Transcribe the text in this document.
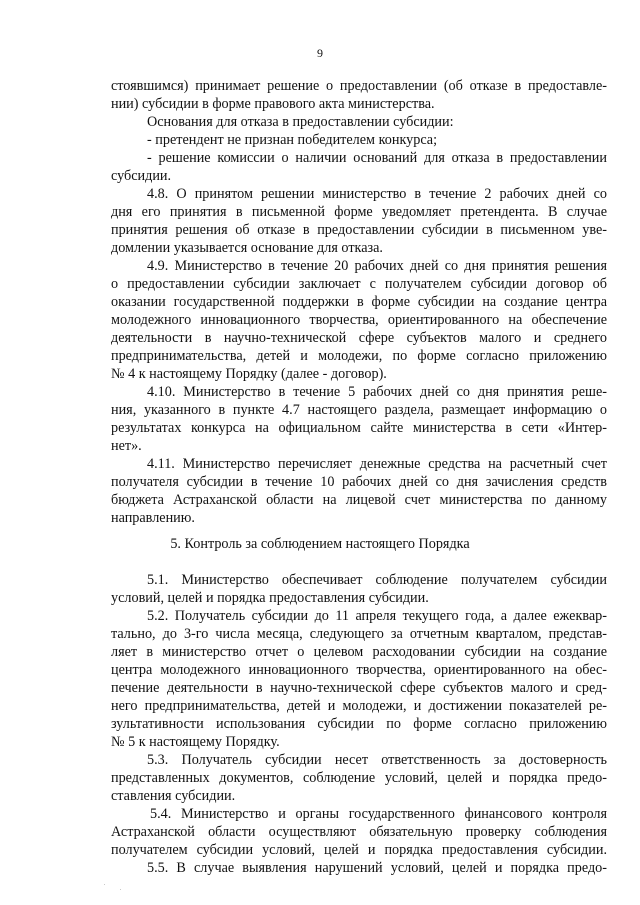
9
стоявшимся) принимает решение о предоставлении (об отказе в предоставле-
нии) субсидии в форме правового акта министерства.
Основания для отказа в предоставлении субсидии:
- претендент не признан победителем конкурса;
- решение комиссии о наличии оснований для отказа в предоставлении
субсидии.
4.8. О принятом решении министерство в течение 2 рабочих дней со
дня его принятия в письменной форме уведомляет претендента. В случае
принятия решения об отказе в предоставлении субсидии в письменном уве-
домлении указывается основание для отказа.
4.9. Министерство в течение 20 рабочих дней со дня принятия решения
о предоставлении субсидии заключает с получателем субсидии договор об
оказании государственной поддержки в форме субсидии на создание центра
молодежного инновационного творчества, ориентированного на обеспечение
деятельности в научно-технической сфере субъектов малого и среднего
предпринимательства, детей и молодежи, по форме согласно приложению
№ 4 к настоящему Порядку (далее - договор).
4.10. Министерство в течение 5 рабочих дней со дня принятия реше-
ния, указанного в пункте 4.7 настоящего раздела, размещает информацию о
результатах конкурса на официальном сайте министерства в сети «Интер-
нет».
4.11. Министерство перечисляет денежные средства на расчетный счет
получателя субсидии в течение 10 рабочих дней со дня зачисления средств
бюджета Астраханской области на лицевой счет министерства по данному
направлению.
5. Контроль за соблюдением настоящего Порядка
5.1. Министерство обеспечивает соблюдение получателем субсидии
условий, целей и порядка предоставления субсидии.
5.2. Получатель субсидии до 11 апреля текущего года, а далее ежеквар-
тально, до 3-го числа месяца, следующего за отчетным кварталом, представ-
ляет в министерство отчет о целевом расходовании субсидии на создание
центра молодежного инновационного творчества, ориентированного на обес-
печение деятельности в научно-технической сфере субъектов малого и сред-
него предпринимательства, детей и молодежи, и достижении показателей ре-
зультативности использования субсидии по форме согласно приложению
№ 5 к настоящему Порядку.
5.3. Получатель субсидии несет ответственность за достоверность
представленных документов, соблюдение условий, целей и порядка предо-
ставления субсидии.
5.4. Министерство и органы государственного финансового контроля
Астраханской области осуществляют обязательную проверку соблюдения
получателем субсидии условий, целей и порядка предоставления субсидии.
5.5. В случае выявления нарушений условий, целей и порядка предо-
